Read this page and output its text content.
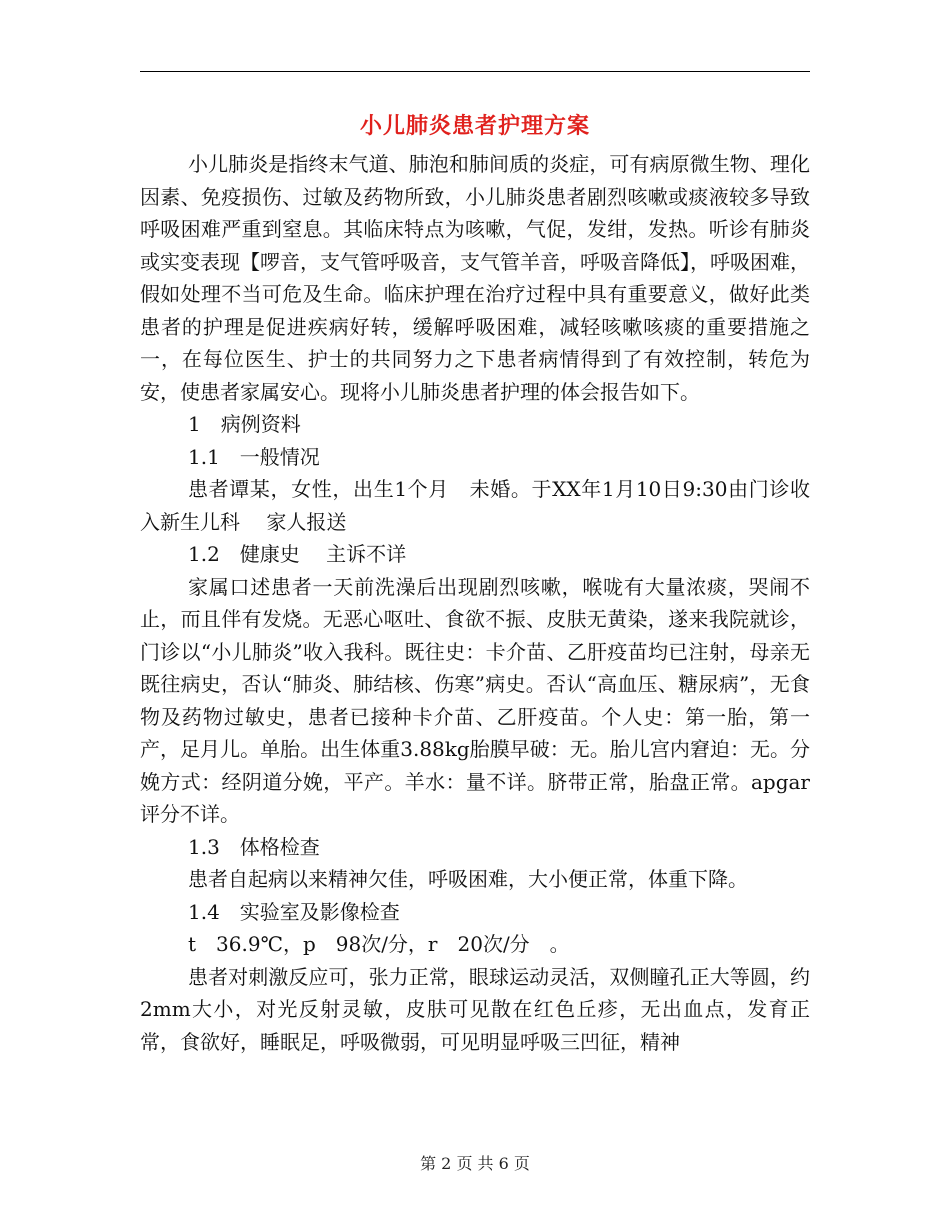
小儿肺炎患者护理方案

小儿肺炎是指终末气道、肺泡和肺间质的炎症，可有病原微生物、理化因素、免疫损伤、过敏及药物所致，小儿肺炎患者剧烈咳嗽或痰液较多导致呼吸困难严重到窒息。其临床特点为咳嗽，气促，发绀，发热。听诊有肺炎或实变表现【啰音，支气管呼吸音，支气管羊音，呼吸音降低】，呼吸困难，假如处理不当可危及生命。临床护理在治疗过程中具有重要意义，做好此类患者的护理是促进疾病好转，缓解呼吸困难，减轻咳嗽咳痰的重要措施之一，在每位医生、护士的共同努力之下患者病情得到了有效控制，转危为安，使患者家属安心。现将小儿肺炎患者护理的体会报告如下。

1　病例资料

1.1　一般情况

患者谭某，女性，出生1个月　未婚。于XX年1月10日9:30由门诊收入新生儿科　 家人报送

1.2　健康史　 主诉不详

家属口述患者一天前洗澡后出现剧烈咳嗽，喉咙有大量浓痰，哭闹不止，而且伴有发烧。无恶心呕吐、食欲不振、皮肤无黄染，遂来我院就诊，门诊以“小儿肺炎”收入我科。既往史：卡介苗、乙肝疫苗均已注射，母亲无既往病史，否认“肺炎、肺结核、伤寒”病史。否认“高血压、糖尿病”，无食物及药物过敏史，患者已接种卡介苗、乙肝疫苗。个人史：第一胎，第一产，足月儿。单胎。出生体重3.88kg胎膜早破：无。胎儿宫内窘迫：无。分娩方式：经阴道分娩，平产。羊水：量不详。脐带正常，胎盘正常。apgar评分不详。

1.3　体格检查

患者自起病以来精神欠佳，呼吸困难，大小便正常，体重下降。

1.4　实验室及影像检查

t　36.9℃，p　98次/分，r　20次/分　。

患者对刺激反应可，张力正常，眼球运动灵活，双侧瞳孔正大等圆，约2mm大小，对光反射灵敏，皮肤可见散在红色丘疹，无出血点，发育正常，食欲好，睡眠足，呼吸微弱，可见明显呼吸三凹征，精神

第 2 页 共 6 页
